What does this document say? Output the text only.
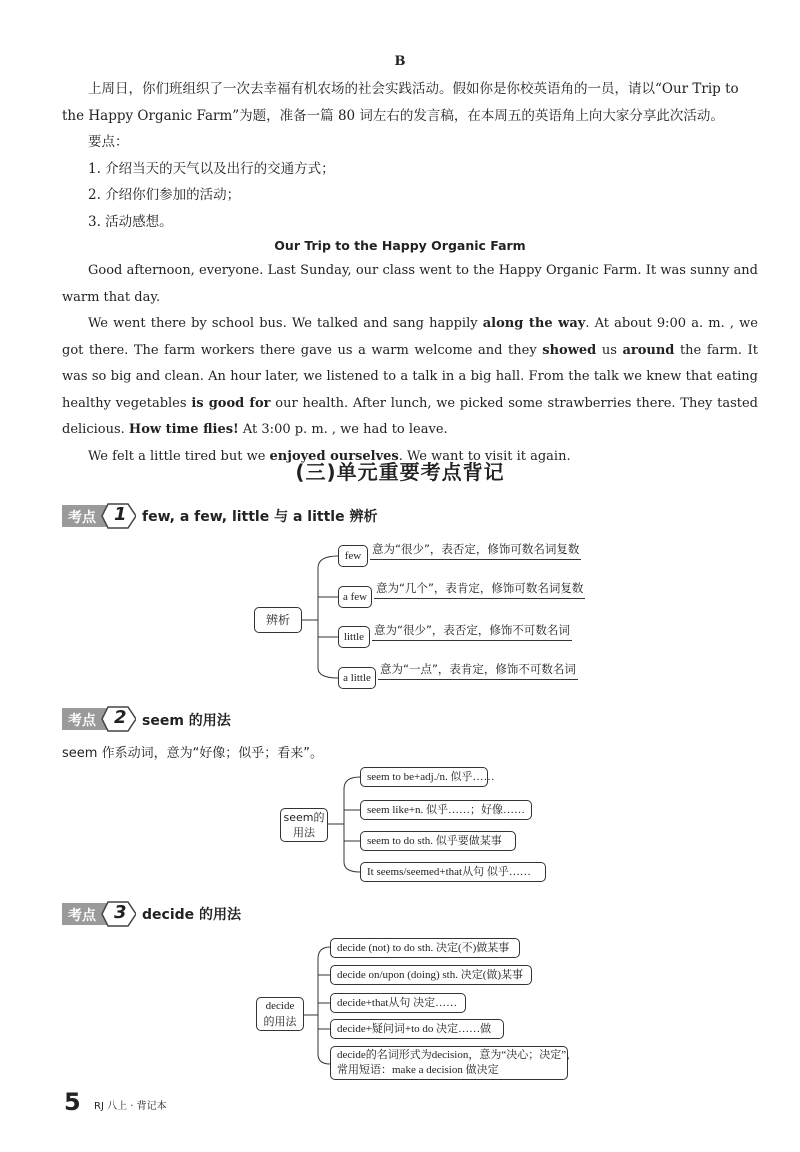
B
上周日，你们班组织了一次去幸福有机农场的社会实践活动。假如你是你校英语角的一员，请以“Our Trip to
the Happy Organic Farm”为题，准备一篇 80 词左右的发言稿，在本周五的英语角上向大家分享此次活动。
要点：
1. 介绍当天的天气以及出行的交通方式；
2. 介绍你们参加的活动；
3. 活动感想。
Our Trip to the Happy Organic Farm
Good afternoon, everyone. Last Sunday, our class went to the Happy Organic Farm. It was sunny and warm that day.
We went there by school bus. We talked and sang happily along the way. At about 9:00 a. m. , we got there. The farm workers there gave us a warm welcome and they showed us around the farm. It was so big and clean. An hour later, we listened to a talk in a big hall. From the talk we knew that eating healthy vegetables is good for our health. After lunch, we picked some strawberries there. They tasted delicious. How time flies! At 3:00 p. m. , we had to leave.
We felt a little tired but we enjoyed ourselves. We want to visit it again.
(三)单元重要考点背记
考点 1 few, a few, little 与 a little 辨析
辨析
few 意为“很少”，表否定，修饰可数名词复数
a few
意为“几个”，表肯定，修饰可数名词复数
little 意为“很少”，表否定，修饰不可数名词
a little
意为“一点”，表肯定，修饰不可数名词
考点 2 seem 的用法
seem 作系动词，意为“好像；似乎；看来”。
seem的
用法
seem to be+adj./n. 似乎……
seem like+n. 似乎……；好像……
seem to do sth. 似乎要做某事
It seems/seemed+that从句 似乎……
考点 3 decide 的用法
decide
的用法
decide (not) to do sth. 决定(不)做某事
decide on/upon (doing) sth. 决定(做)某事
decide+that从句 决定……
decide+疑问词+to do 决定……做
decide的名词形式为decision，意为“决心；决定”，
常用短语：make a decision 做决定
5 RJ 八上 · 背记本
